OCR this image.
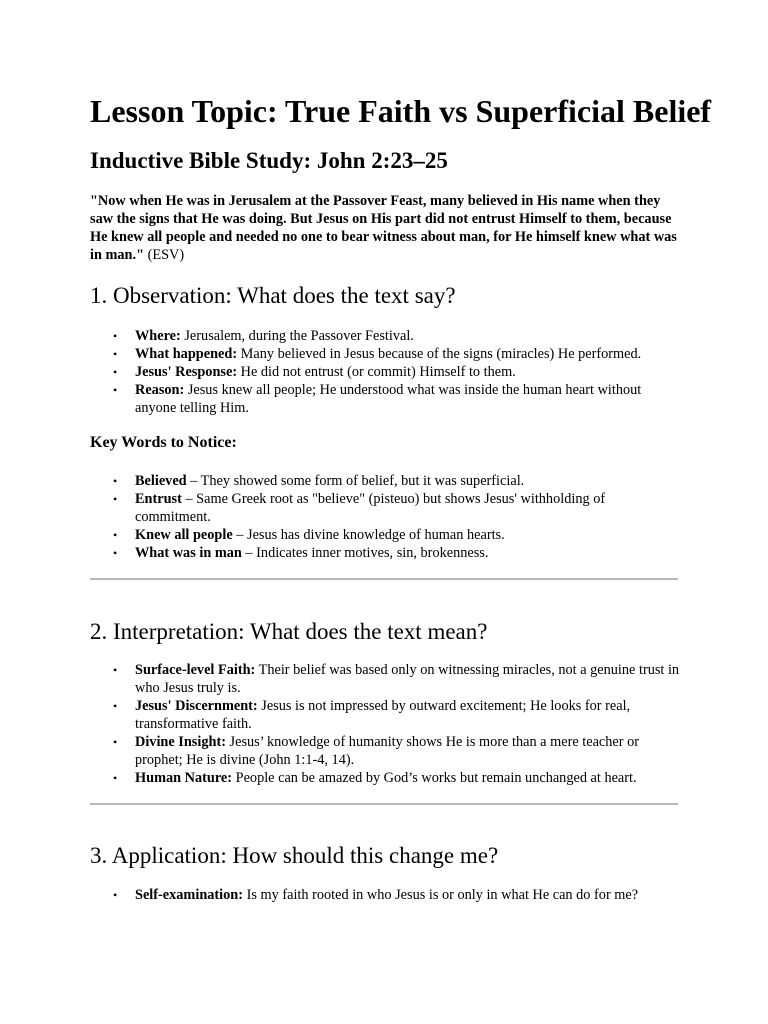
Lesson Topic: True Faith vs Superficial Belief
Inductive Bible Study: John 2:23–25

"Now when He was in Jerusalem at the Passover Feast, many believed in His name when they saw the signs that He was doing. But Jesus on His part did not entrust Himself to them, because He knew all people and needed no one to bear witness about man, for He himself knew what was in man." (ESV)

1. Observation: What does the text say?
• Where: Jerusalem, during the Passover Festival.
• What happened: Many believed in Jesus because of the signs (miracles) He performed.
• Jesus' Response: He did not entrust (or commit) Himself to them.
• Reason: Jesus knew all people; He understood what was inside the human heart without anyone telling Him.
Key Words to Notice:
• Believed – They showed some form of belief, but it was superficial.
• Entrust – Same Greek root as "believe" (pisteuo) but shows Jesus' withholding of commitment.
• Knew all people – Jesus has divine knowledge of human hearts.
• What was in man – Indicates inner motives, sin, brokenness.
2. Interpretation: What does the text mean?
• Surface-level Faith: Their belief was based only on witnessing miracles, not a genuine trust in who Jesus truly is.
• Jesus' Discernment: Jesus is not impressed by outward excitement; He looks for real, transformative faith.
• Divine Insight: Jesus’ knowledge of humanity shows He is more than a mere teacher or prophet; He is divine (John 1:1-4, 14).
• Human Nature: People can be amazed by God’s works but remain unchanged at heart.
3. Application: How should this change me?
• Self-examination: Is my faith rooted in who Jesus is or only in what He can do for me?
